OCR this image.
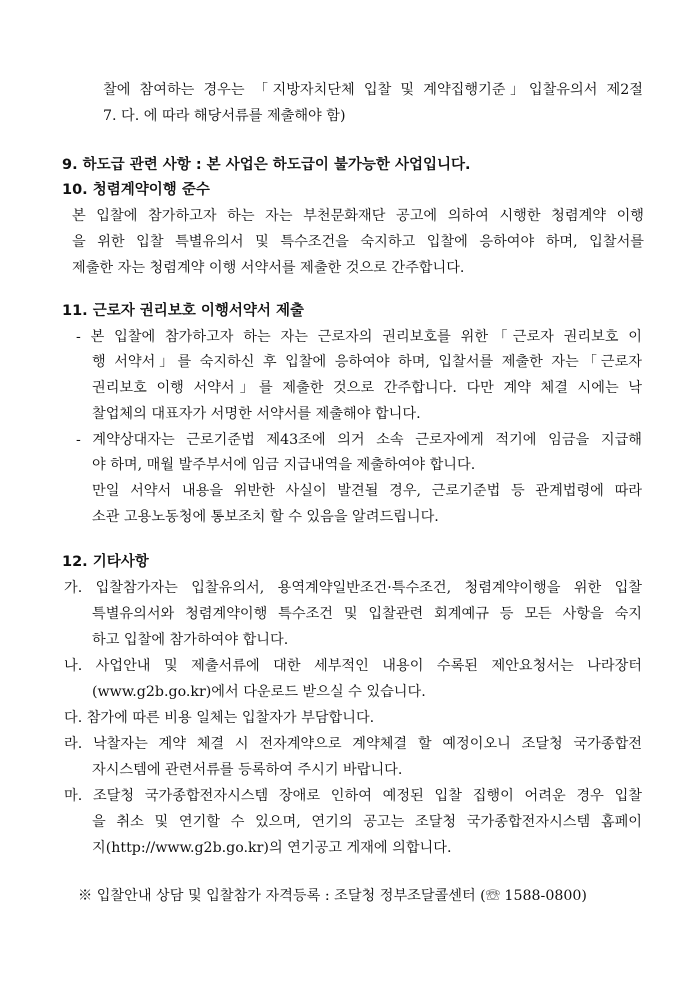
찰에 참여하는 경우는 「지방자치단체 입찰 및 계약집행기준」입찰유의서 제2절
7. 다. 에 따라 해당서류를 제출해야 함)
9. 하도급 관련 사항 : 본 사업은 하도급이 불가능한 사업입니다.
10. 청렴계약이행 준수
본 입찰에 참가하고자 하는 자는 부천문화재단 공고에 의하여 시행한 청렴계약 이행
을 위한 입찰 특별유의서 및 특수조건을 숙지하고 입찰에 응하여야 하며, 입찰서를
제출한 자는 청렴계약 이행 서약서를 제출한 것으로 간주합니다.
11. 근로자 권리보호 이행서약서 제출
- 본 입찰에 참가하고자 하는 자는 근로자의 권리보호를 위한「근로자 권리보호 이
행 서약서」를 숙지하신 후 입찰에 응하여야 하며, 입찰서를 제출한 자는「근로자
권리보호 이행 서약서」를 제출한 것으로 간주합니다. 다만 계약 체결 시에는 낙
찰업체의 대표자가 서명한 서약서를 제출해야 합니다.
- 계약상대자는 근로기준법 제43조에 의거 소속 근로자에게 적기에 임금을 지급해
야 하며, 매월 발주부서에 임금 지급내역을 제출하여야 합니다.
만일 서약서 내용을 위반한 사실이 발견될 경우, 근로기준법 등 관계법령에 따라
소관 고용노동청에 통보조치 할 수 있음을 알려드립니다.
12. 기타사항
가. 입찰참가자는 입찰유의서, 용역계약일반조건·특수조건, 청렴계약이행을 위한 입찰
특별유의서와 청렴계약이행 특수조건 및 입찰관련 회계예규 등 모든 사항을 숙지
하고 입찰에 참가하여야 합니다.
나. 사업안내 및 제출서류에 대한 세부적인 내용이 수록된 제안요청서는 나라장터
(www.g2b.go.kr)에서 다운로드 받으실 수 있습니다.
다. 참가에 따른 비용 일체는 입찰자가 부담합니다.
라. 낙찰자는 계약 체결 시 전자계약으로 계약체결 할 예정이오니 조달청 국가종합전
자시스템에 관련서류를 등록하여 주시기 바랍니다.
마. 조달청 국가종합전자시스템 장애로 인하여 예정된 입찰 집행이 어려운 경우 입찰
을 취소 및 연기할 수 있으며, 연기의 공고는 조달청 국가종합전자시스템 홈페이
지(http://www.g2b.go.kr)의 연기공고 게재에 의합니다.
※ 입찰안내 상담 및 입찰참가 자격등록 : 조달청 정부조달콜센터 (☏ 1588-0800)
